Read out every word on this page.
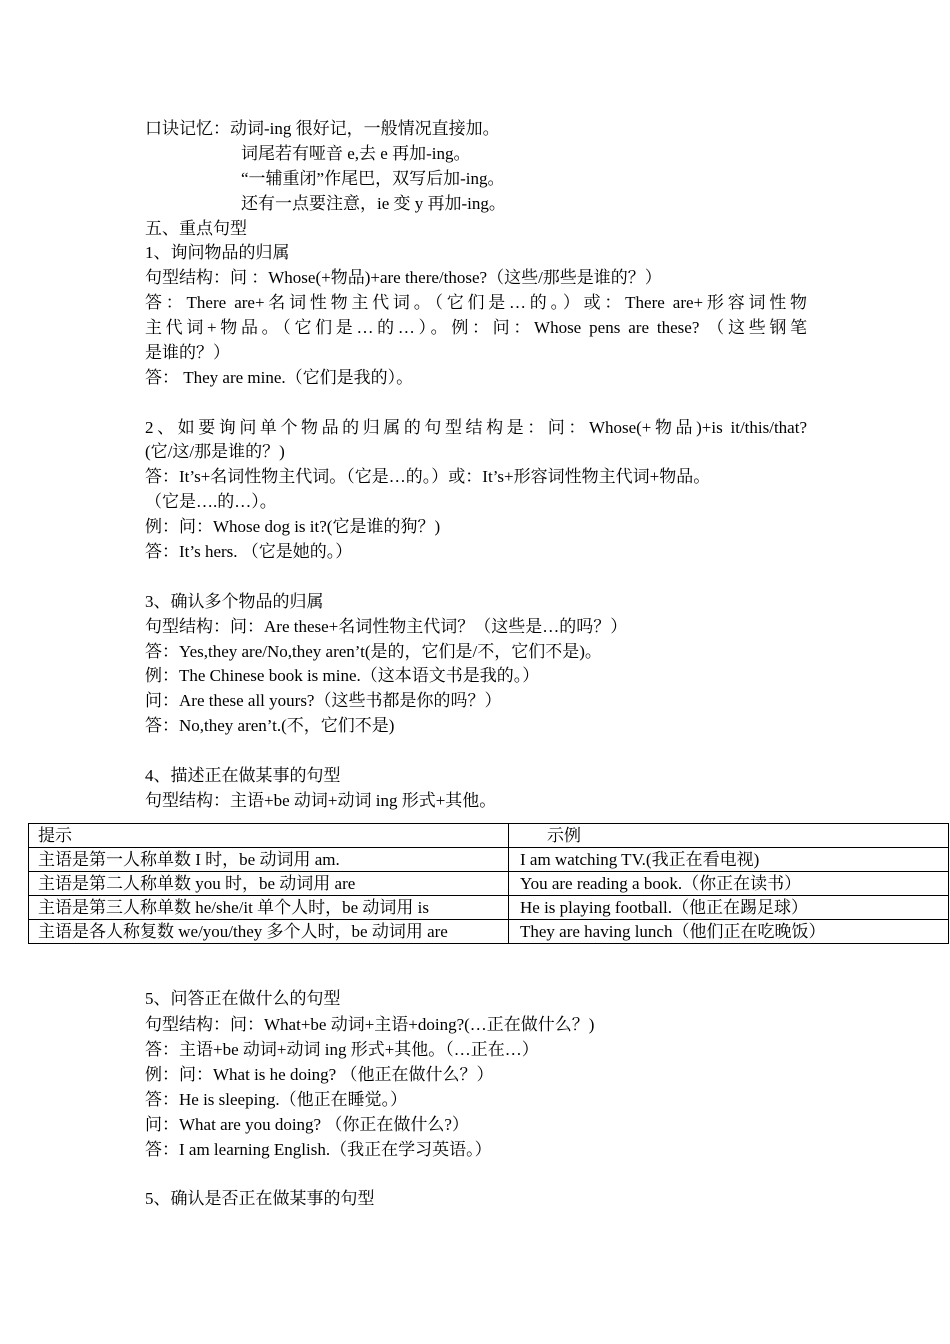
口诀记忆：动词-ing 很好记，一般情况直接加。
词尾若有哑音 e,去 e 再加-ing。
“一辅重闭”作尾巴，双写后加-ing。
还有一点要注意，ie 变 y 再加-ing。
五、重点句型
1、询问物品的归属
句型结构：问 ：Whose(+物品)+are there/those?（这些/那些是谁的？）
答：There are+名词性物主代词。（它们是…的。）或：There are+形容词性物
主代词+物品。（它们是…的…）。例：问：Whose pens are these? （这些钢笔
是谁的？）
答： They are mine.（它们是我的）。
2、如要询问单个物品的归属的句型结构是：问：Whose(+物品)+is it/this/that?
(它/这/那是谁的？)
答：It’s+名词性物主代词。（它是…的。）或：It’s+形容词性物主代词+物品。
（它是….的…）。
例：问：Whose dog is it?(它是谁的狗？)
答：It’s hers. （它是她的。）
3、确认多个物品的归属
句型结构：问：Are these+名词性物主代词？（这些是…的吗？）
答：Yes,they are/No,they aren’t(是的，它们是/不，它们不是)。
例：The Chinese book is mine.（这本语文书是我的。）
问：Are these all yours?（这些书都是你的吗？）
答：No,they aren’t.(不，它们不是)
4、描述正在做某事的句型
句型结构：主语+be 动词+动词 ing 形式+其他。
提示	示例
主语是第一人称单数 I 时，be 动词用 am.	I am watching TV.(我正在看电视)
主语是第二人称单数 you 时，be 动词用 are	You are reading a book.（你正在读书）
主语是第三人称单数 he/she/it 单个人时，be 动词用 is	He is playing football.（他正在踢足球）
主语是各人称复数 we/you/they 多个人时，be 动词用 are	They are having lunch（他们正在吃晚饭）
5、问答正在做什么的句型
句型结构：问：What+be 动词+主语+doing?(…正在做什么？)
答：主语+be 动词+动词 ing 形式+其他。（…正在…）
例：问：What is he doing? （他正在做什么？）
答：He is sleeping.（他正在睡觉。）
问：What are you doing? （你正在做什么?）
答：I am learning English.（我正在学习英语。）
5、确认是否正在做某事的句型
